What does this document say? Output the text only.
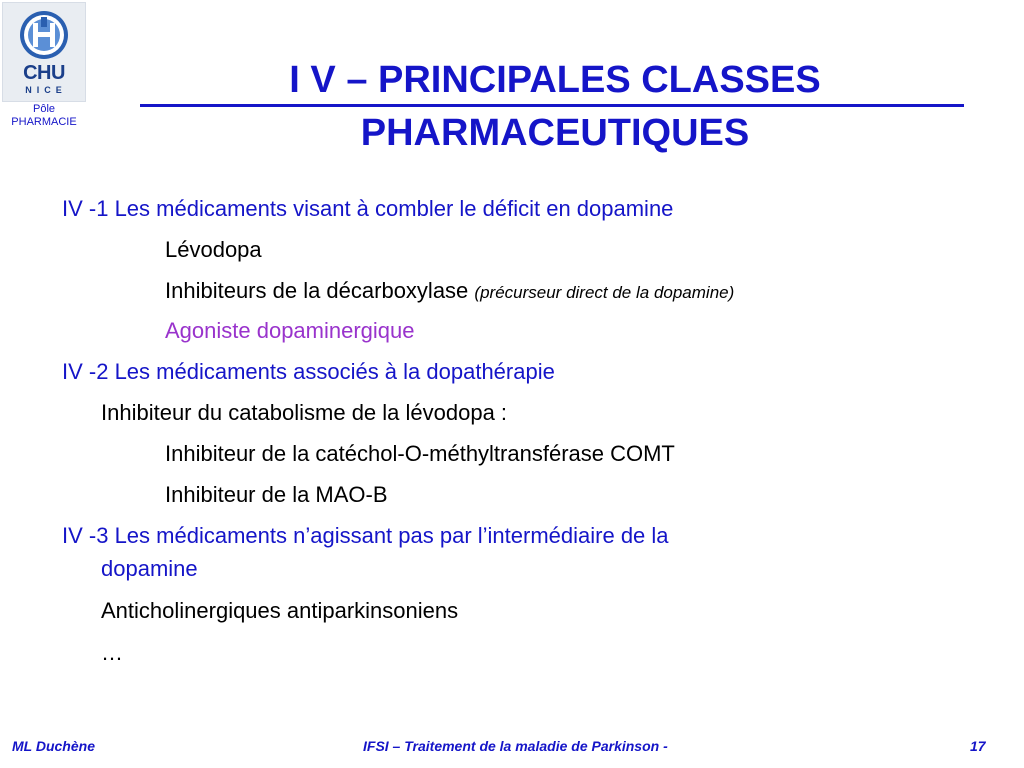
CHU
NICE
Pôle
PHARMACIE
I V – PRINCIPALES CLASSES
PHARMACEUTIQUES
IV -1 Les médicaments visant à combler le déficit en dopamine
Lévodopa
Inhibiteurs de la décarboxylase (précurseur direct de la dopamine)
Agoniste dopaminergique
IV -2 Les médicaments associés à la dopathérapie
Inhibiteur du catabolisme de la lévodopa :
Inhibiteur de la catéchol-O-méthyltransférase COMT
Inhibiteur de la MAO-B
IV -3 Les médicaments n’agissant pas par l’intermédiaire de la
dopamine
Anticholinergiques antiparkinsoniens
…
ML Duchène	IFSI – Traitement de la maladie de Parkinson -	17
